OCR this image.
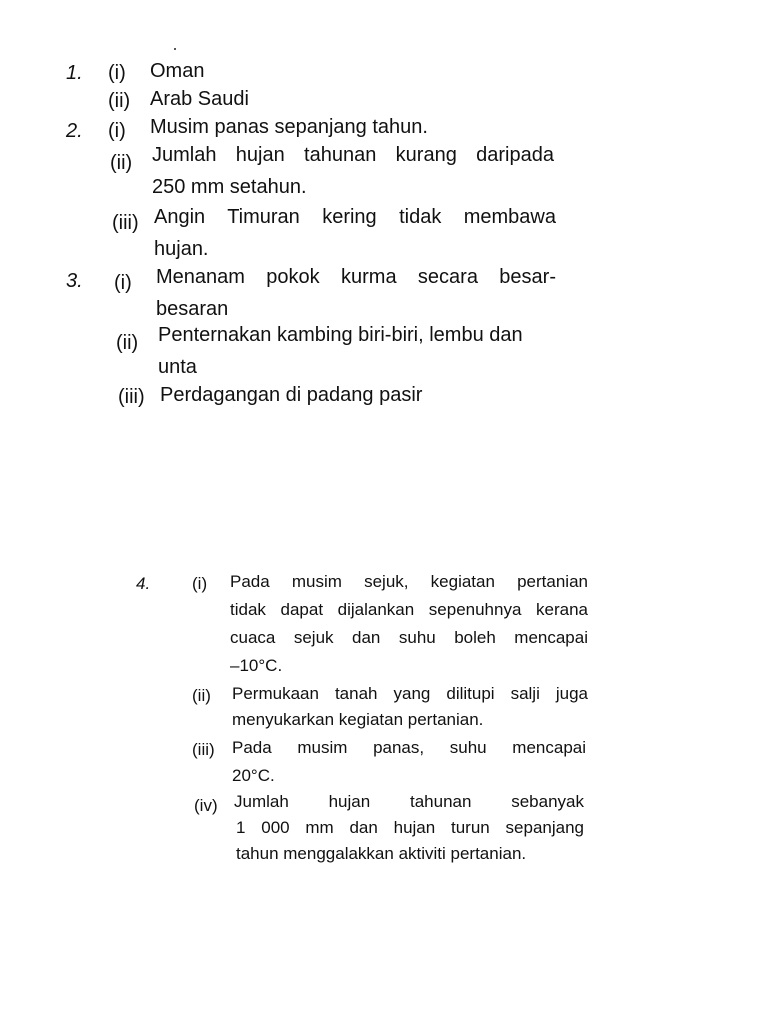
1. (i) Oman
(ii) Arab Saudi
2. (i) Musim panas sepanjang tahun.
(ii) Jumlah hujan tahunan kurang daripada
250 mm setahun.
(iii) Angin Timuran kering tidak membawa
hujan.
3. (i) Menanam pokok kurma secara besar-
besaran
(ii) Penternakan kambing biri-biri, lembu dan
unta
(iii) Perdagangan di padang pasir
4. (i) Pada musim sejuk, kegiatan pertanian
tidak dapat dijalankan sepenuhnya kerana
cuaca sejuk dan suhu boleh mencapai
–10°C.
(ii) Permukaan tanah yang dilitupi salji juga
menyukarkan kegiatan pertanian.
(iii) Pada musim panas, suhu mencapai
20°C.
(iv) Jumlah hujan tahunan sebanyak
1 000 mm dan hujan turun sepanjang
tahun menggalakkan aktiviti pertanian.
